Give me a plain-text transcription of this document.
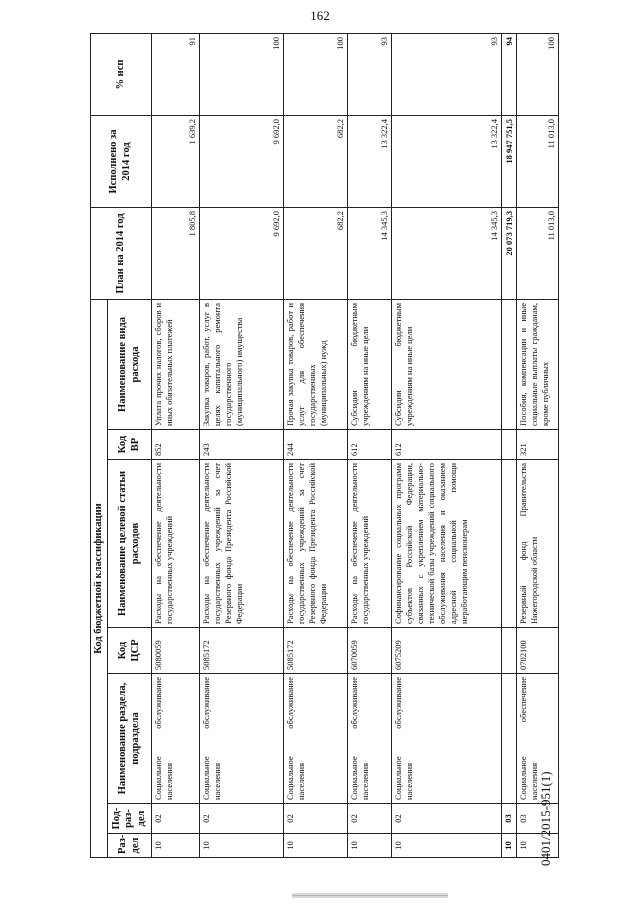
162
0401/2015-951(1)
Код бюджетной классификации							План на 2014 год	Исполнено за 2014 год	% исп
Раз-дел	Под-раз-дел	Наименование раздела, подраздела	Код ЦСР	Наименование целевой статьи расходов	Код ВР	Наименование вида расхода			
10	02	Социальное обслуживание населения	5080059	Расходы на обеспечение деятельности государственных учреждений	852	Уплата прочих налогов, сборов и иных обязательных платежей	1 805,8	1 639,2	91
10	02	Социальное обслуживание населения	5085172	Расходы на обеспечение деятельности государственных учреждений за счет Резервного фонда Президента Российской Федерации	243	Закупка товаров, работ, услуг в целях капитального ремонта государственного (муниципального) имущества	9 692,0	9 692,0	100
10	02	Социальное обслуживание населения	5085172	Расходы на обеспечение деятельности государственных учреждений за счет Резервного фонда Президента Российской Федерации	244	Прочая закупка товаров, работ и услуг для обеспечения государственных (муниципальных) нужд	682,2	682,2	100
10	02	Социальное обслуживание населения	6070059	Расходы на обеспечение деятельности государственных учреждений	612	Субсидии бюджетным учреждениям на иные цели	14 345,3	13 322,4	93
10	02	Социальное обслуживание населения	6075209	Софинансирование социальных программ субъектов Российской Федерации, связанных с укреплением материально-технической базы учреждений социального обслуживания населения и оказанием адресной социальной помощи неработающим пенсионерам	612	Субсидии бюджетным учреждениям на иные цели	14 345,3	13 322,4	93
10	03						20 073 719,3	18 947 751,5	94
10	03	Социальное обеспечение населения	0702100	Резервный фонд Правительства Нижегородской области	321	Пособия, компенсации и иные социальные выплаты гражданам, кроме публичных	11 013,0	11 013,0	100
